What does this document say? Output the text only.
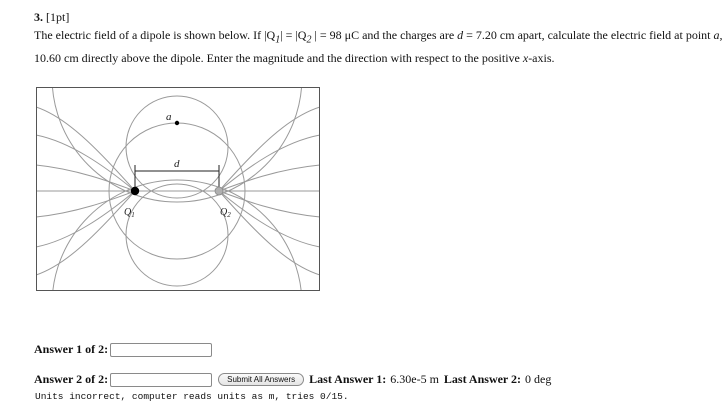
3. [1pt]
The electric field of a dipole is shown below. If $|Q_1| = |Q_2$ | = 98 μC and the charges are d = 7.20 cm apart, calculate the electric field at point a,
10.60 cm directly above the dipole. Enter the magnitude and the direction with respect to the positive x-axis.
a
d
$Q_1$	$Q_2$
Answer 1 of 2:
Answer 2 of 2:	Submit All Answers	Last Answer 1: 6.30e-5 m Last Answer 2: 0 deg
Units incorrect, computer reads units as m, tries 0/15.
